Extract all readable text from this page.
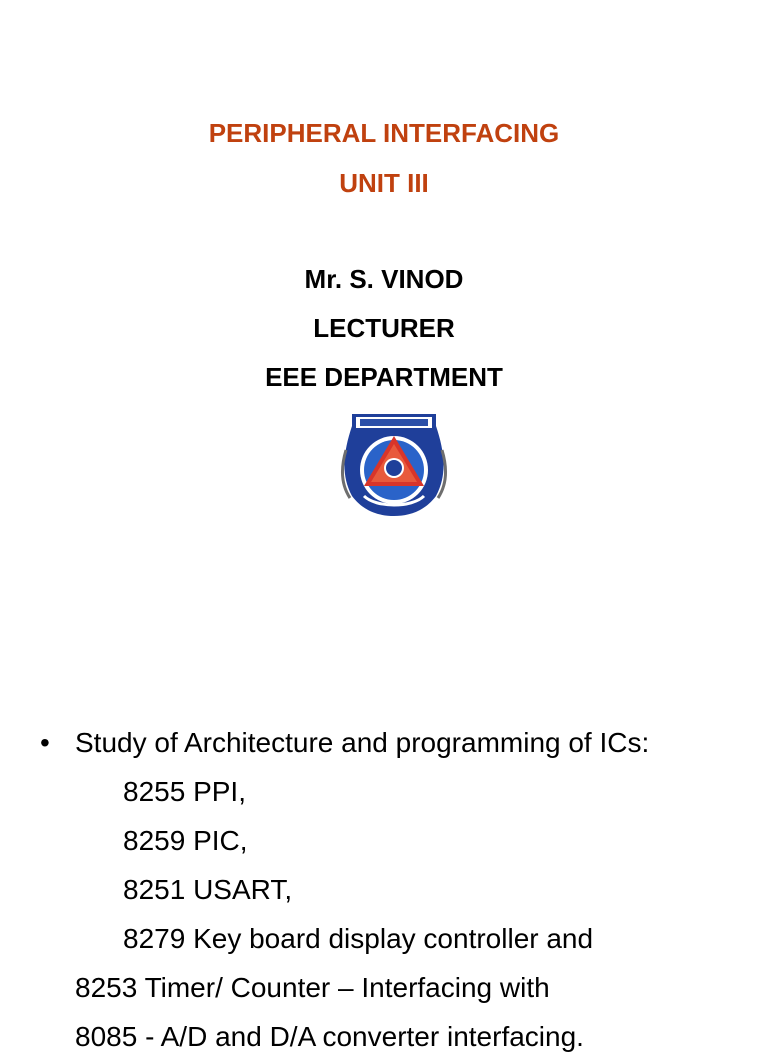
PERIPHERAL INTERFACING
UNIT III
Mr. S. VINOD
LECTURER
EEE DEPARTMENT
• Study of Architecture and programming of ICs:
8255 PPI,
8259 PIC,
8251 USART,
8279 Key board display controller and
8253 Timer/ Counter – Interfacing with
8085 - A/D and D/A converter interfacing.
